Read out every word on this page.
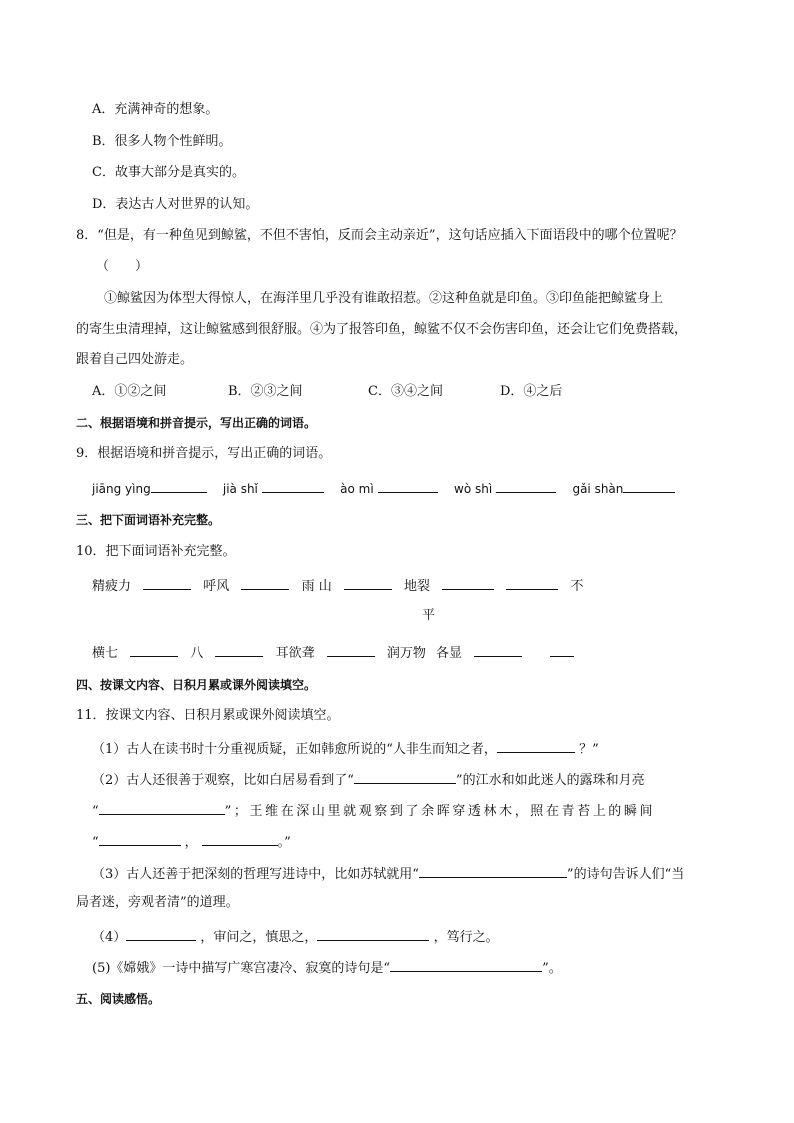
A．充满神奇的想象。
B．很多人物个性鲜明。
C．故事大部分是真实的。
D．表达古人对世界的认知。
8．“但是，有一种鱼见到鲸鲨，不但不害怕，反而会主动亲近”，这句话应插入下面语段中的哪个位置呢？
（　　）
①鲸鲨因为体型大得惊人，在海洋里几乎没有谁敢招惹。②这种鱼就是印鱼。③印鱼能把鲸鲨身上
的寄生虫清理掉，这让鲸鲨感到很舒服。④为了报答印鱼，鲸鲨不仅不会伤害印鱼，还会让它们免费搭载，
跟着自己四处游走。
A．①②之间	B．②③之间	C．③④之间	D．④之后
二、根据语境和拼音提示，写出正确的词语。
9．根据语境和拼音提示，写出正确的词语。
jiāng yìng	jià shǐ	ào mì	wò shì	gǎi shàn
三、把下面词语补充完整。
10．把下面词语补充完整。
精疲力	呼风	雨 山	地裂	不
平
横七	八	耳欲聋	润万物 各显
四、按课文内容、日积月累或课外阅读填空。
11．按课文内容、日积月累或课外阅读填空。
（1）古人在读书时十分重视质疑，正如韩愈所说的“人非生而知之者，	？”
（2）古人还很善于观察，比如白居易看到了“	”的江水和如此迷人的露珠和月亮
“	”；王维在深山里就观察到了余晖穿透林木，照在青苔上的瞬间
“	，	。”
（3）古人还善于把深刻的哲理写进诗中，比如苏轼就用“	”的诗句告诉人们“当
局者迷，旁观者清”的道理。
（4）	，审问之，慎思之，	，笃行之。
(5)《嫦娥》一诗中描写广寒宫凄冷、寂寞的诗句是“	”。
五、阅读感悟。
